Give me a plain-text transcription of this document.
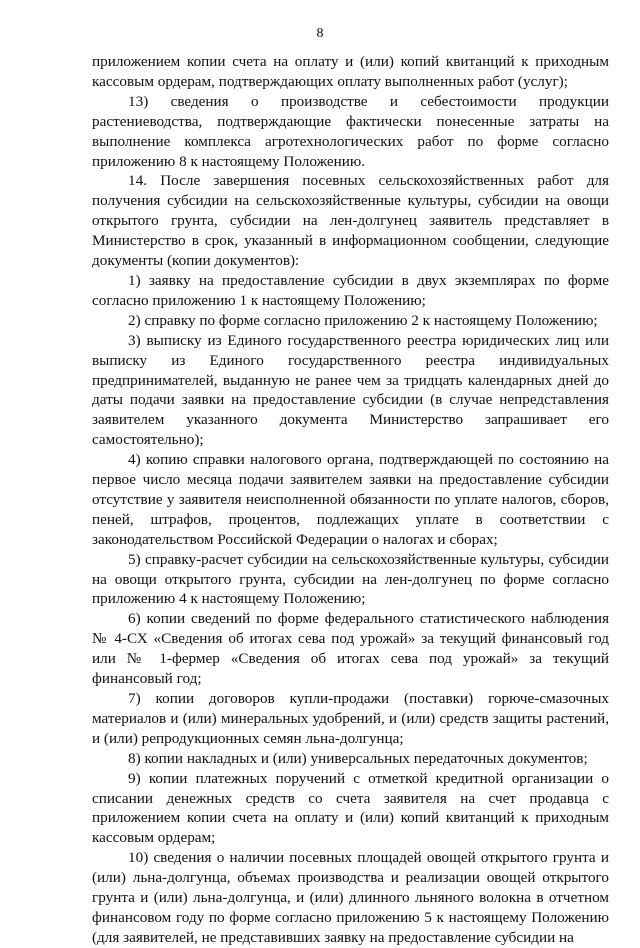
8

приложением копии счета на оплату и (или) копий квитанций к приходным кассовым ордерам, подтверждающих оплату выполненных работ (услуг);

13) сведения о производстве и себестоимости продукции растениеводства, подтверждающие фактически понесенные затраты на выполнение комплекса агротехнологических работ по форме согласно приложению 8 к настоящему Положению.

14. После завершения посевных сельскохозяйственных работ для получения субсидии на сельскохозяйственные культуры, субсидии на овощи открытого грунта, субсидии на лен-долгунец заявитель представляет в Министерство в срок, указанный в информационном сообщении, следующие документы (копии документов):

1) заявку на предоставление субсидии в двух экземплярах по форме согласно приложению 1 к настоящему Положению;

2) справку по форме согласно приложению 2 к настоящему Положению;

3) выписку из Единого государственного реестра юридических лиц или выписку из Единого государственного реестра индивидуальных предпринимателей, выданную не ранее чем за тридцать календарных дней до даты подачи заявки на предоставление субсидии (в случае непредставления заявителем указанного документа Министерство запрашивает его самостоятельно);

4) копию справки налогового органа, подтверждающей по состоянию на первое число месяца подачи заявителем заявки на предоставление субсидии отсутствие у заявителя неисполненной обязанности по уплате налогов, сборов, пеней, штрафов, процентов, подлежащих уплате в соответствии с законодательством Российской Федерации о налогах и сборах;

5) справку-расчет субсидии на сельскохозяйственные культуры, субсидии на овощи открытого грунта, субсидии на лен-долгунец по форме согласно приложению 4 к настоящему Положению;

6) копии сведений по форме федерального статистического наблюдения № 4-СХ «Сведения об итогах сева под урожай» за текущий финансовый год или № 1-фермер «Сведения об итогах сева под урожай» за текущий финансовый год;

7) копии договоров купли-продажи (поставки) горюче-смазочных материалов и (или) минеральных удобрений, и (или) средств защиты растений, и (или) репродукционных семян льна-долгунца;

8) копии накладных и (или) универсальных передаточных документов;

9) копии платежных поручений с отметкой кредитной организации о списании денежных средств со счета заявителя на счет продавца с приложением копии счета на оплату и (или) копий квитанций к приходным кассовым ордерам;

10) сведения о наличии посевных площадей овощей открытого грунта и (или) льна-долгунца, объемах производства и реализации овощей открытого грунта и (или) льна-долгунца, и (или) длинного льняного волокна в отчетном финансовом году по форме согласно приложению 5 к настоящему Положению (для заявителей, не представивших заявку на предоставление субсидии на
